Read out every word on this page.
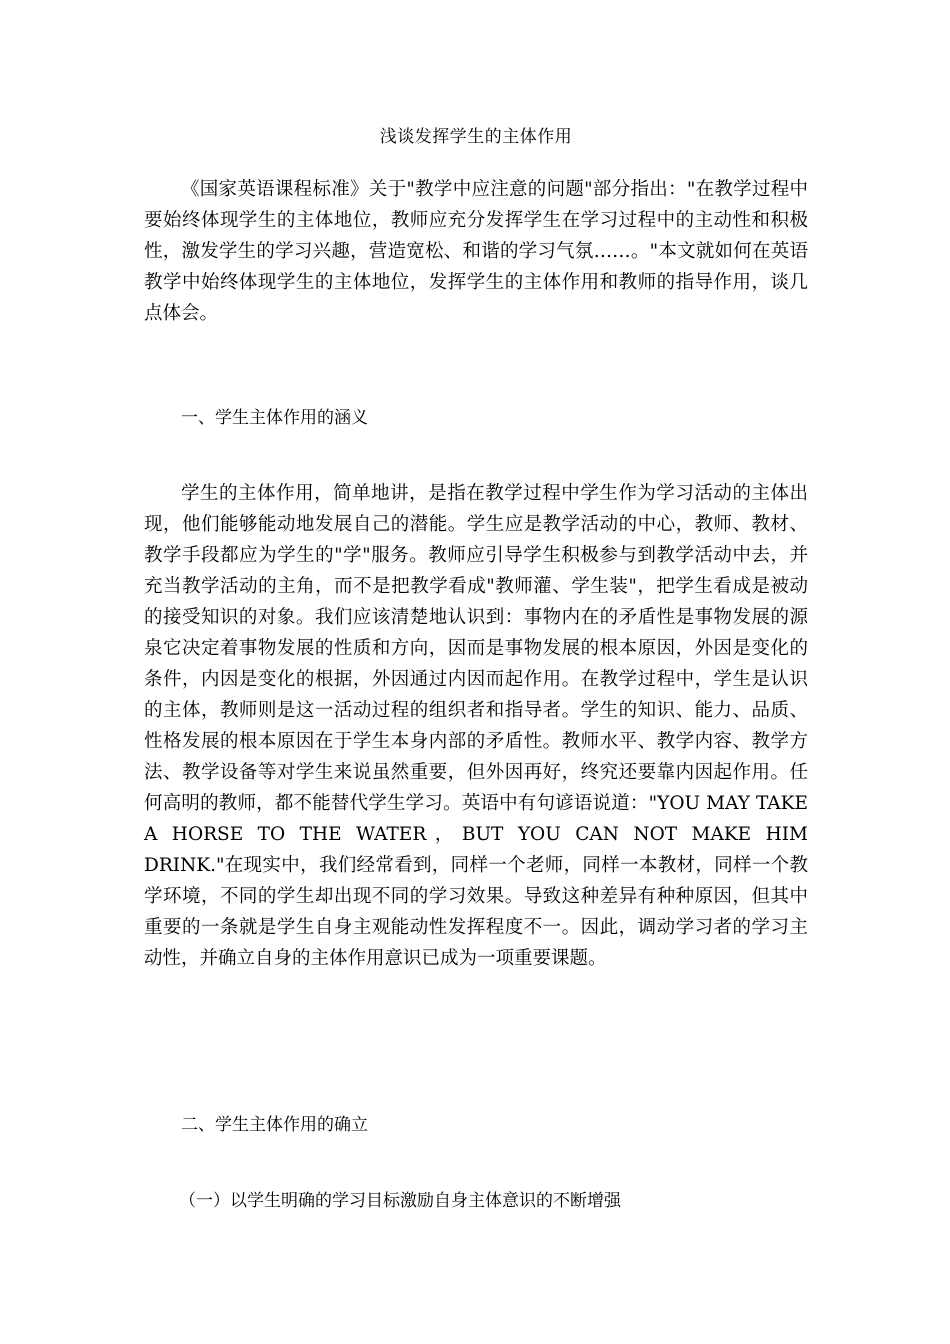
浅谈发挥学生的主体作用

《国家英语课程标准》关于"教学中应注意的问题"部分指出："在教学过程中要始终体现学生的主体地位，教师应充分发挥学生在学习过程中的主动性和积极性，激发学生的学习兴趣，营造宽松、和谐的学习气氛……。"本文就如何在英语教学中始终体现学生的主体地位，发挥学生的主体作用和教师的指导作用，谈几点体会。

一、学生主体作用的涵义

学生的主体作用，简单地讲，是指在教学过程中学生作为学习活动的主体出现，他们能够能动地发展自己的潜能。学生应是教学活动的中心，教师、教材、教学手段都应为学生的"学"服务。教师应引导学生积极参与到教学活动中去，并充当教学活动的主角，而不是把教学看成"教师灌、学生装"，把学生看成是被动的接受知识的对象。我们应该清楚地认识到：事物内在的矛盾性是事物发展的源泉它决定着事物发展的性质和方向，因而是事物发展的根本原因，外因是变化的条件，内因是变化的根据，外因通过内因而起作用。在教学过程中，学生是认识的主体，教师则是这一活动过程的组织者和指导者。学生的知识、能力、品质、性格发展的根本原因在于学生本身内部的矛盾性。教师水平、教学内容、教学方法、教学设备等对学生来说虽然重要，但外因再好，终究还要靠内因起作用。任何高明的教师，都不能替代学生学习。英语中有句谚语说道："YOU MAY TAKE A HORSE TO THE WATER，BUT YOU CAN NOT MAKE HIM DRINK."在现实中，我们经常看到，同样一个老师，同样一本教材，同样一个教学环境，不同的学生却出现不同的学习效果。导致这种差异有种种原因，但其中重要的一条就是学生自身主观能动性发挥程度不一。因此，调动学习者的学习主动性，并确立自身的主体作用意识已成为一项重要课题。

二、学生主体作用的确立

（一）以学生明确的学习目标激励自身主体意识的不断增强
